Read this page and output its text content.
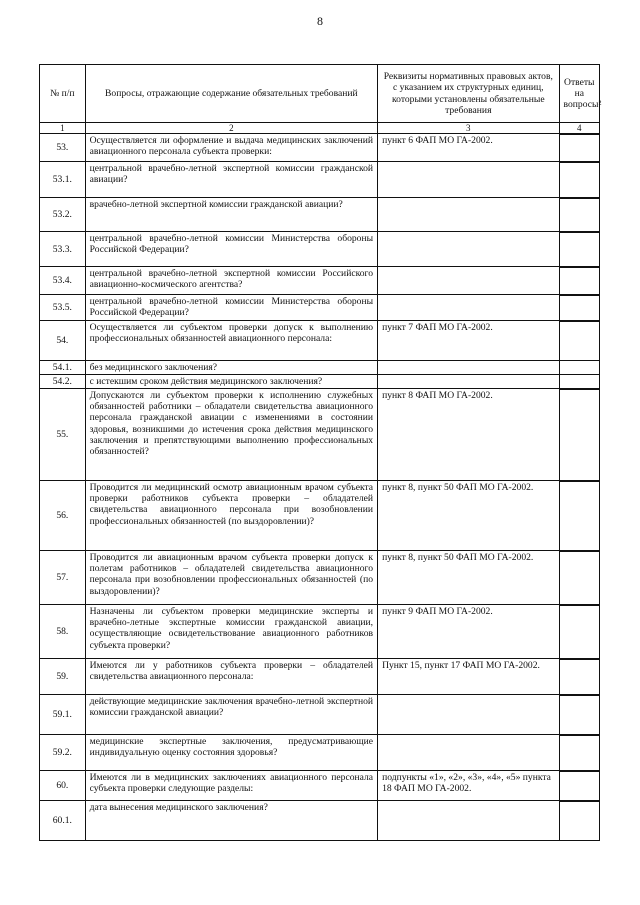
8
№ п/п	Вопросы, отражающие содержание обязательных требований	Реквизиты нормативных правовых актов, с указанием их структурных единиц, которыми установлены обязательные требования	Ответы на вопросы²
1	2	3	4
53.	Осуществляется ли оформление и выдача медицинских заключений авиационного персонала субъекта проверки:	пункт 6 ФАП МО ГА-2002.	

53.1.	центральной врачебно-летной экспертной комиссии гражданской авиации?		

53.2.	врачебно-летной экспертной комиссии гражданской авиации?		

53.3.	центральной врачебно-летной комиссии Министерства обороны Российской Федерации?		

53.4.	центральной врачебно-летной экспертной комиссии Российского авиационно-космического агентства?		

53.5.	центральной врачебно-летной комиссии Министерства обороны Российской Федерации?		

54.	Осуществляется ли субъектом проверки допуск к выполнению профессиональных обязанностей авиационного персонала:	пункт 7 ФАП МО ГА-2002.	

54.1.	без медицинского заключения?		
54.2.	с истекшим сроком действия медицинского заключения?		
55.	Допускаются ли субъектом проверки к исполнению служебных обязанностей работники – обладатели свидетельства авиационного персонала гражданской авиации с изменениями в состоянии здоровья, возникшими до истечения срока действия медицинского заключения и препятствующими выполнению профессиональных обязанностей?	пункт 8 ФАП МО ГА-2002.	

56.	Проводится ли медицинский осмотр авиационным врачом субъекта проверки работников субъекта проверки – обладателей свидетельства авиационного персонала при возобновлении профессиональных обязанностей (по выздоровлении)?	пункт 8, пункт 50 ФАП МО ГА-2002.	

57.	Проводится ли авиационным врачом субъекта проверки допуск к полетам работников – обладателей свидетельства авиационного персонала при возобновлении профессиональных обязанностей (по выздоровлении)?	пункт 8, пункт 50 ФАП МО ГА-2002.	

58.	Назначены ли субъектом проверки медицинские эксперты и врачебно-летные экспертные комиссии гражданской авиации, осуществляющие освидетельствование авиационного работников субъекта проверки?	пункт 9 ФАП МО ГА-2002.	

59.	Имеются ли у работников субъекта проверки – обладателей свидетельства авиационного персонала:	Пункт 15, пункт 17 ФАП МО ГА-2002.	

59.1.	действующие медицинские заключения врачебно-летной экспертной комиссии гражданской авиации?		

59.2.	медицинские экспертные заключения, предусматривающие индивидуальную оценку состояния здоровья?		

60.	Имеются ли в медицинских заключениях авиационного персонала субъекта проверки следующие разделы:	подпункты «1», «2», «3», «4», «5» пункта 18 ФАП МО ГА-2002.	

60.1.	дата вынесения медицинского заключения?		
